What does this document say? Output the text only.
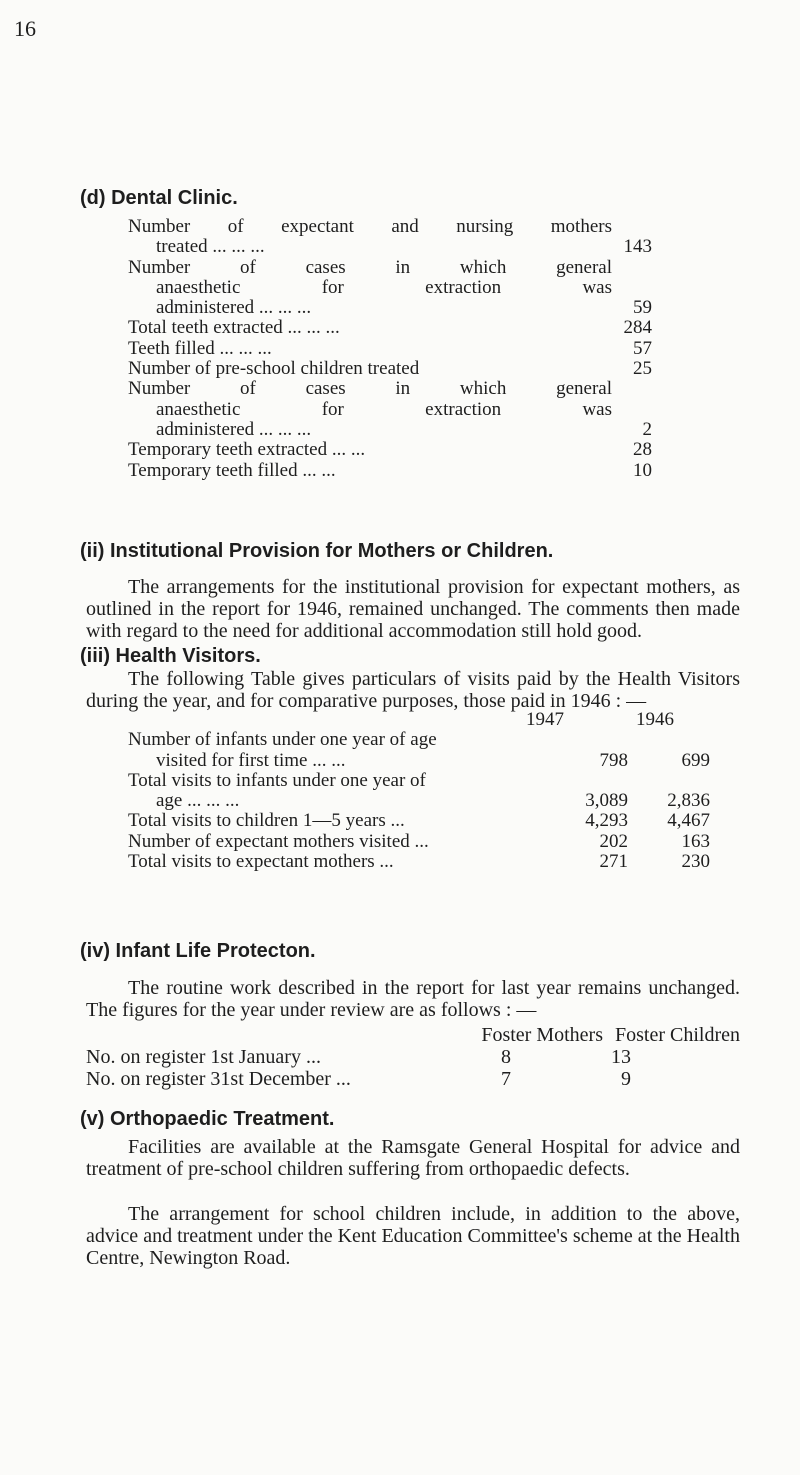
16
(d) Dental Clinic.
Number of expectant and nursing mothers
treated ... ... ...	143
Number of cases in which general
anaesthetic for extraction was
administered ... ... ...	59
Total teeth extracted ... ... ...	284
Teeth filled ... ... ...	57
Number of pre-school children treated	25
Number of cases in which general
anaesthetic for extraction was
administered ... ... ...	2
Temporary teeth extracted ... ...	28
Temporary teeth filled ... ...	10
(ii) Institutional Provision for Mothers or Children.
The arrangements for the institutional provision for expectant mothers, as outlined in the report for 1946, remained unchanged. The comments then made with regard to the need for additional accommodation still hold good.
(iii) Health Visitors.
The following Table gives particulars of visits paid by the Health Visitors during the year, and for comparative purposes, those paid in 1946 : —
1947	1946
Number of infants under one year of age
visited for first time ... ...	798	699
Total visits to infants under one year of
age ... ... ...	3,089	2,836
Total visits to children 1—5 years ...	4,293	4,467
Number of expectant mothers visited ...	202	163
Total visits to expectant mothers ...	271	230
(iv) Infant Life Protecton.
The routine work described in the report for last year remains unchanged. The figures for the year under review are as follows : —
Foster Mothers Foster Children
No. on register 1st January ...	8	13
No. on register 31st December ...	7	9
(v) Orthopaedic Treatment.
Facilities are available at the Ramsgate General Hospital for advice and treatment of pre-school children suffering from orthopaedic defects.
The arrangement for school children include, in addition to the above, advice and treatment under the Kent Education Committee's scheme at the Health Centre, Newington Road.
